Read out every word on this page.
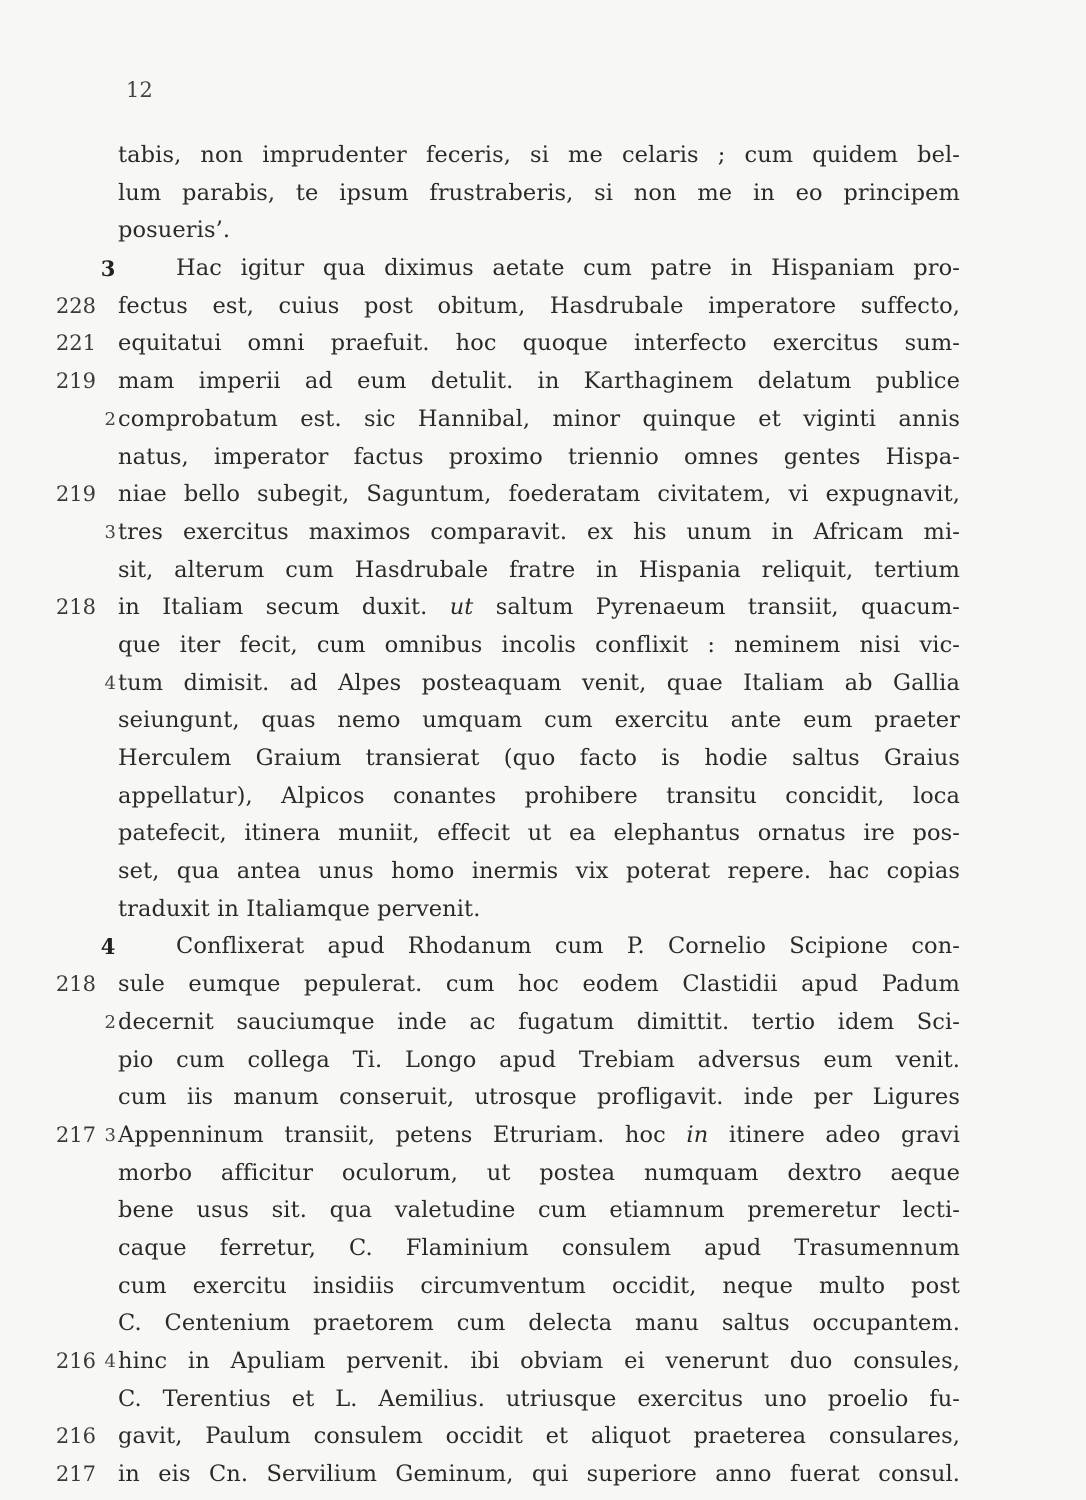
12
tabis, non imprudenter feceris, si me celaris ; cum quidem bel-
lum parabis, te ipsum frustraberis, si non me in eo principem
posueris’.
3	Hac igitur qua diximus aetate cum patre in Hispaniam pro-
228 fectus est, cuius post obitum, Hasdrubale imperatore suffecto,
221 equitatui omni praefuit. hoc quoque interfecto exercitus sum-
219 mam imperii ad eum detulit. in Karthaginem delatum publice
2 comprobatum est. sic Hannibal, minor quinque et viginti annis
natus, imperator factus proximo triennio omnes gentes Hispa-
219 niae bello subegit, Saguntum, foederatam civitatem, vi expugnavit,
3 tres exercitus maximos comparavit. ex his unum in Africam mi-
sit, alterum cum Hasdrubale fratre in Hispania reliquit, tertium
218 in Italiam secum duxit. ut saltum Pyrenaeum transiit, quacum-
que iter fecit, cum omnibus incolis conflixit : neminem nisi vic-
4 tum dimisit. ad Alpes posteaquam venit, quae Italiam ab Gallia
seiungunt, quas nemo umquam cum exercitu ante eum praeter
Herculem Graium transierat (quo facto is hodie saltus Graius
appellatur), Alpicos conantes prohibere transitu concidit, loca
patefecit, itinera muniit, effecit ut ea elephantus ornatus ire pos-
set, qua antea unus homo inermis vix poterat repere. hac copias
traduxit in Italiamque pervenit.
4	Conflixerat apud Rhodanum cum P. Cornelio Scipione con-
218 sule eumque pepulerat. cum hoc eodem Clastidii apud Padum
2 decernit sauciumque inde ac fugatum dimittit. tertio idem Sci-
pio cum collega Ti. Longo apud Trebiam adversus eum venit.
cum iis manum conseruit, utrosque profligavit. inde per Ligures
217 3 Appenninum transiit, petens Etruriam. hoc in itinere adeo gravi
morbo afficitur oculorum, ut postea numquam dextro aeque
bene usus sit. qua valetudine cum etiamnum premeretur lecti-
caque ferretur, C. Flaminium consulem apud Trasumennum
cum exercitu insidiis circumventum occidit, neque multo post
C. Centenium praetorem cum delecta manu saltus occupantem.
216 4 hinc in Apuliam pervenit. ibi obviam ei venerunt duo consules,
C. Terentius et L. Aemilius. utriusque exercitus uno proelio fu-
216 gavit, Paulum consulem occidit et aliquot praeterea consulares,
217 in eis Cn. Servilium Geminum, qui superiore anno fuerat consul.
